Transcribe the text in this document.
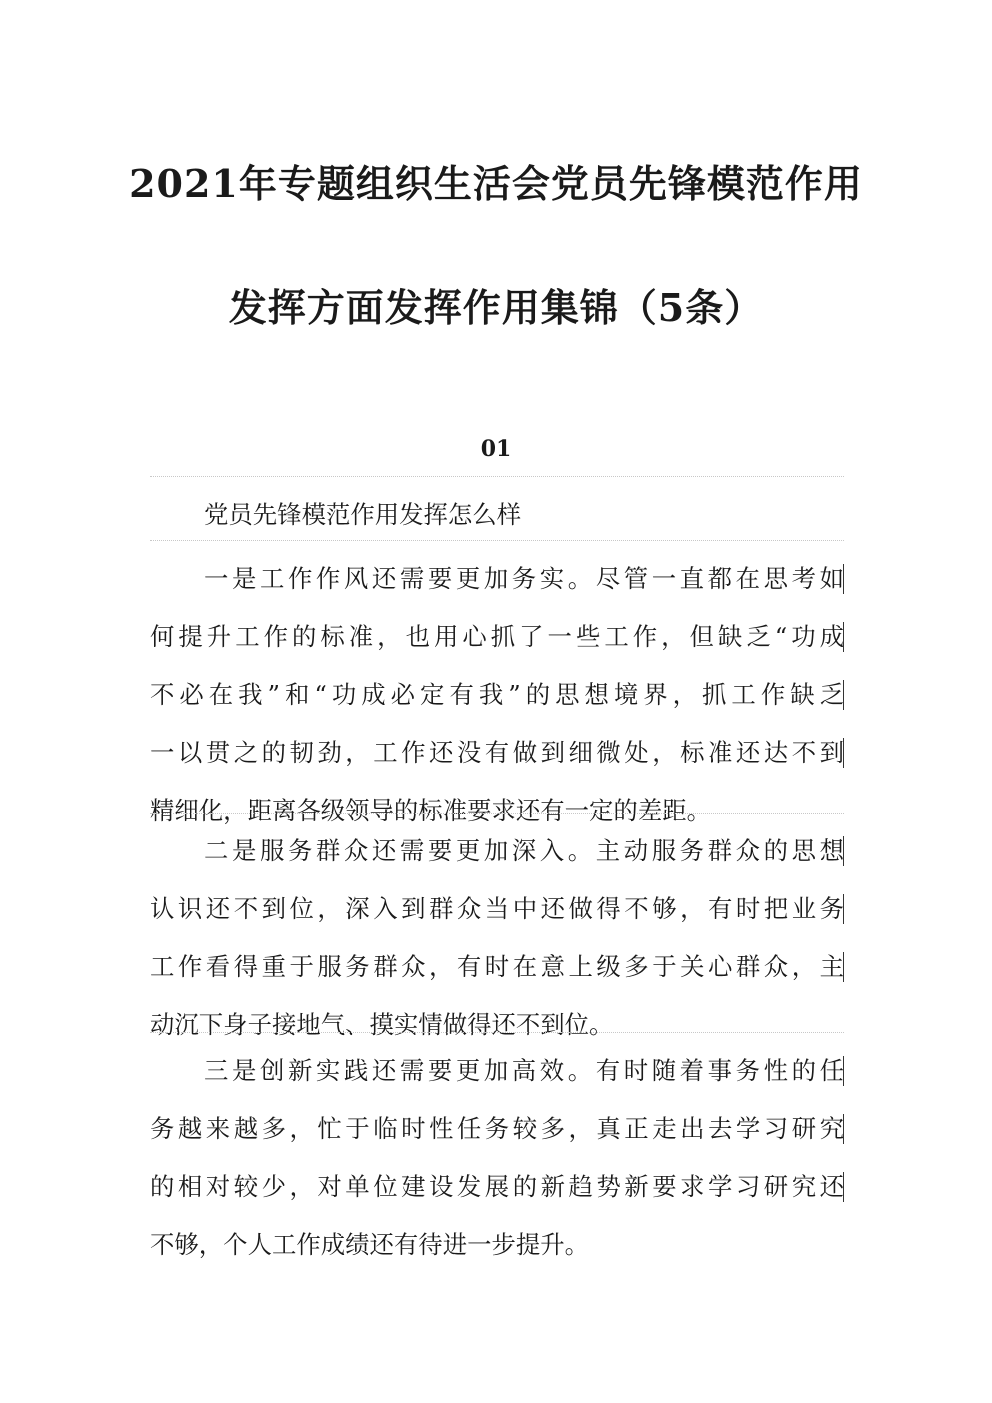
2021年专题组织生活会党员先锋模范作用
发挥方面发挥作用集锦（5条）
01
党员先锋模范作用发挥怎么样
一是工作作风还需要更加务实。尽管一直都在思考如
何提升工作的标准，也用心抓了一些工作，但缺乏“功成
不必在我”和“功成必定有我”的思想境界，抓工作缺乏
一以贯之的韧劲，工作还没有做到细微处，标准还达不到
精细化，距离各级领导的标准要求还有一定的差距。
二是服务群众还需要更加深入。主动服务群众的思想
认识还不到位，深入到群众当中还做得不够，有时把业务
工作看得重于服务群众，有时在意上级多于关心群众，主
动沉下身子接地气、摸实情做得还不到位。
三是创新实践还需要更加高效。有时随着事务性的任
务越来越多，忙于临时性任务较多，真正走出去学习研究
的相对较少，对单位建设发展的新趋势新要求学习研究还
不够，个人工作成绩还有待进一步提升。
